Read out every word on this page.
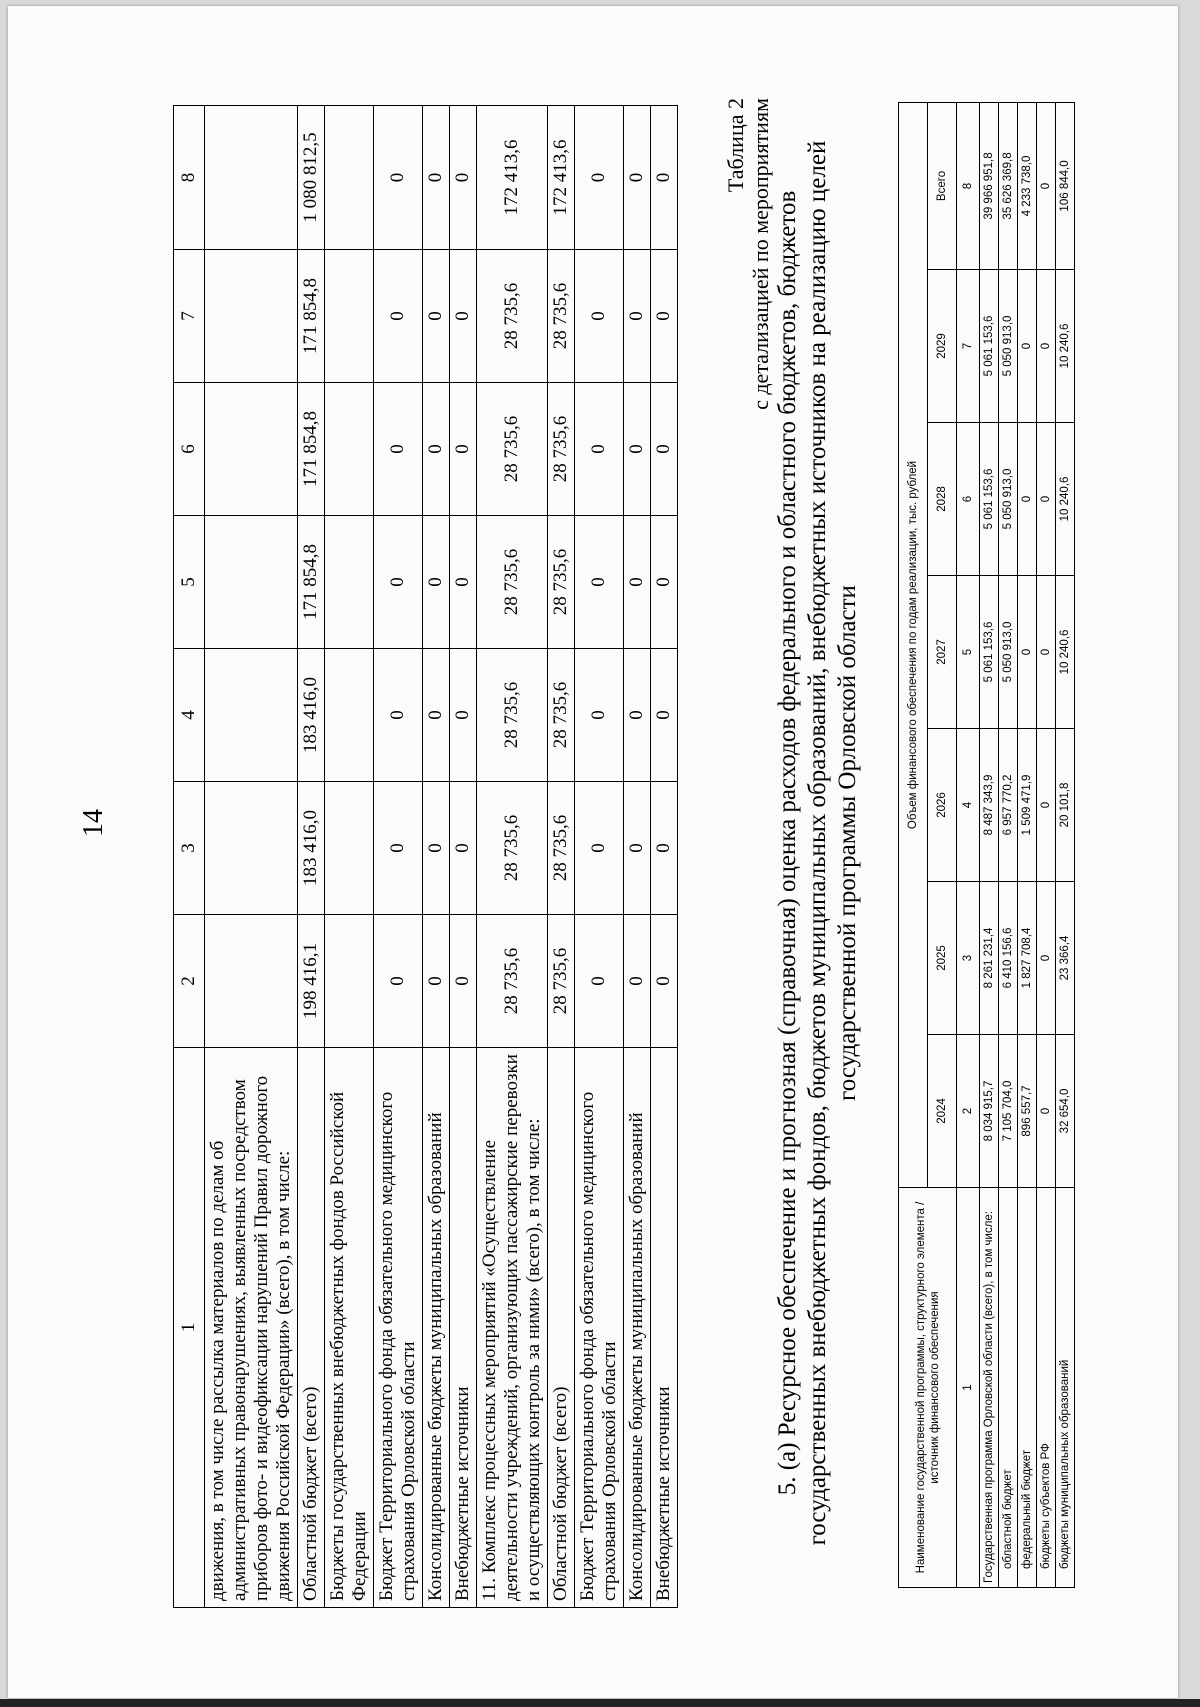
14
1	2	3	4	5	6	7	8
движения, в том числе рассылка материалов по делам об административных правонарушениях, выявленных посредством приборов фото- и видеофиксации нарушений Правил дорожного движения Российской Федерации» (всего), в том числе:							
Областной бюджет (всего)	198 416,1	183 416,0	183 416,0	171 854,8	171 854,8	171 854,8	1 080 812,5
Бюджеты государственных внебюджетных фондов Российской Федерации							
Бюджет Территориального фонда обязательного медицинского страхования Орловской области	0	0	0	0	0	0	0
Консолидированные бюджеты муниципальных образований	0	0	0	0	0	0	0
Внебюджетные источники	0	0	0	0	0	0	0
11. Комплекс процессных мероприятий «Осуществление деятельности учреждений, организующих пассажирские перевозки и осуществляющих контроль за ними» (всего), в том числе:	28 735,6	28 735,6	28 735,6	28 735,6	28 735,6	28 735,6	172 413,6
Областной бюджет (всего)	28 735,6	28 735,6	28 735,6	28 735,6	28 735,6	28 735,6	172 413,6
Бюджет Территориального фонда обязательного медицинского страхования Орловской области	0	0	0	0	0	0	0
Консолидированные бюджеты муниципальных образований	0	0	0	0	0	0	0
Внебюджетные источники	0	0	0	0	0	0	0 Таблица 2 с детализацией по мероприятиям 5. (а) Ресурсное обеспечение и прогнозная (справочная) оценка расходов федерального и областного бюджетов, бюджетов государственных внебюджетных фондов, бюджетов муниципальных образований, внебюджетных источников на реализацию целей государственной программы Орловской области
Наименование государственной программы, структурного элемента / источник финансового обеспечения	Объем финансового обеспечения по годам реализации, тыс. рублей						
	2024	2025	2026	2027	2028	2029	Всего
1	2	3	4	5	6	7	8
Государственная программа Орловской области (всего), в том числе:	8 034 915,7	8 261 231,4	8 487 343,9	5 061 153,6	5 061 153,6	5 061 153,6	39 966 951,8
областной бюджет	7 105 704,0	6 410 156,6	6 957 770,2	5 050 913,0	5 050 913,0	5 050 913,0	35 626 369,8
федеральный бюджет	896 557,7	1 827 708,4	1 509 471,9	0	0	0	4 233 738,0
бюджеты субъектов РФ	0	0	0	0	0	0	0
бюджеты муниципальных образований	32 654,0	23 366,4	20 101,8	10 240,6	10 240,6	10 240,6	106 844,0
